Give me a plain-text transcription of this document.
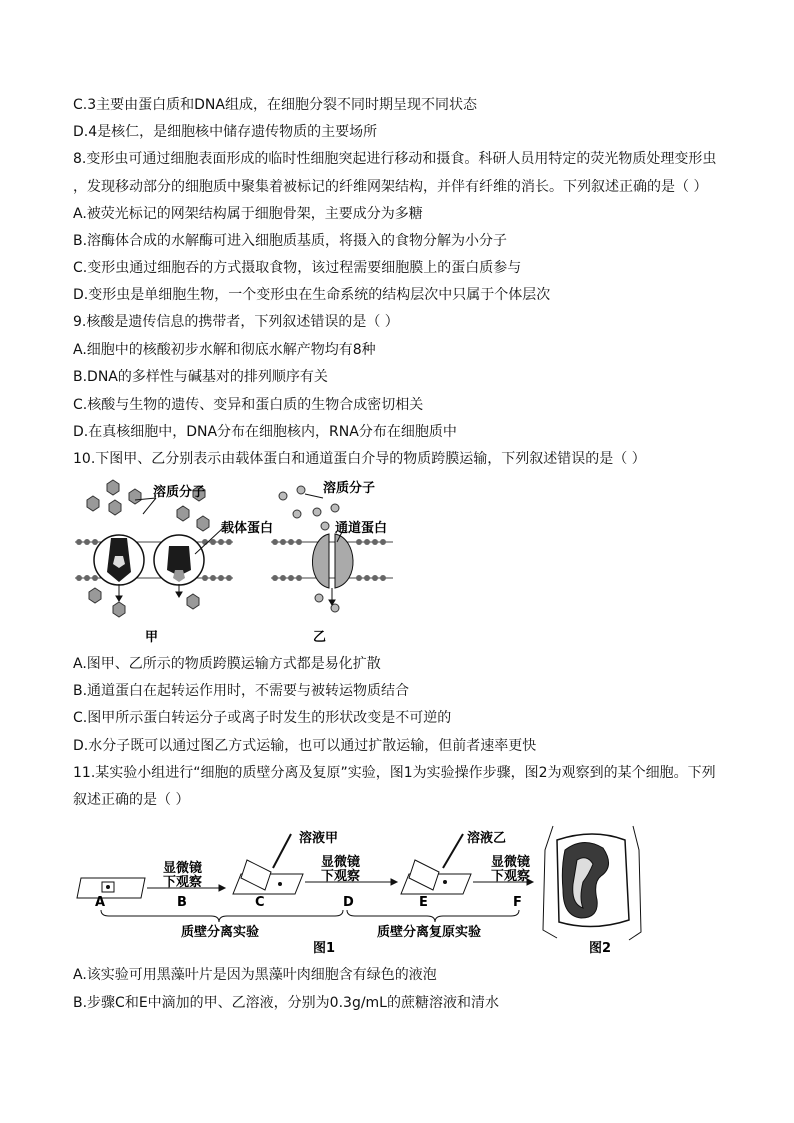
C.3主要由蛋白质和DNA组成，在细胞分裂不同时期呈现不同状态
D.4是核仁，是细胞核中储存遗传物质的主要场所
8.变形虫可通过细胞表面形成的临时性细胞突起进行移动和摄食。科研人员用特定的荧光物质处理变形虫
，发现移动部分的细胞质中聚集着被标记的纤维网架结构，并伴有纤维的消长。下列叙述正确的是（ ）
A.被荧光标记的网架结构属于细胞骨架，主要成分为多糖
B.溶酶体合成的水解酶可进入细胞质基质，将摄入的食物分解为小分子
C.变形虫通过细胞吞的方式摄取食物，该过程需要细胞膜上的蛋白质参与
D.变形虫是单细胞生物，一个变形虫在生命系统的结构层次中只属于个体层次
9.核酸是遗传信息的携带者，下列叙述错误的是（ ）
A.细胞中的核酸初步水解和彻底水解产物均有8种
B.DNA的多样性与碱基对的排列顺序有关
C.核酸与生物的遗传、变异和蛋白质的生物合成密切相关
D.在真核细胞中，DNA分布在细胞核内，RNA分布在细胞质中
10.下图甲、乙分别表示由载体蛋白和通道蛋白介导的物质跨膜运输，下列叙述错误的是（ ）
溶质分子
载体蛋白
甲
溶质分子
通道蛋白
乙
A.图甲、乙所示的物质跨膜运输方式都是易化扩散
B.通道蛋白在起转运作用时，不需要与被转运物质结合
C.图甲所示蛋白转运分子或离子时发生的形状改变是不可逆的
D.水分子既可以通过图乙方式运输，也可以通过扩散运输，但前者速率更快
11.某实验小组进行“细胞的质壁分离及复原”实验，图1为实验操作步骤，图2为观察到的某个细胞。下列
叙述正确的是（ ）
显微镜
下观察
溶液甲
显微镜
下观察
溶液乙
显微镜
下观察
A	B	C	D	E	F
质壁分离实验	质壁分离复原实验
图1	图2
A.该实验可用黑藻叶片是因为黑藻叶肉细胞含有绿色的液泡
B.步骤C和E中滴加的甲、乙溶液，分别为0.3g/mL的蔗糖溶液和清水
